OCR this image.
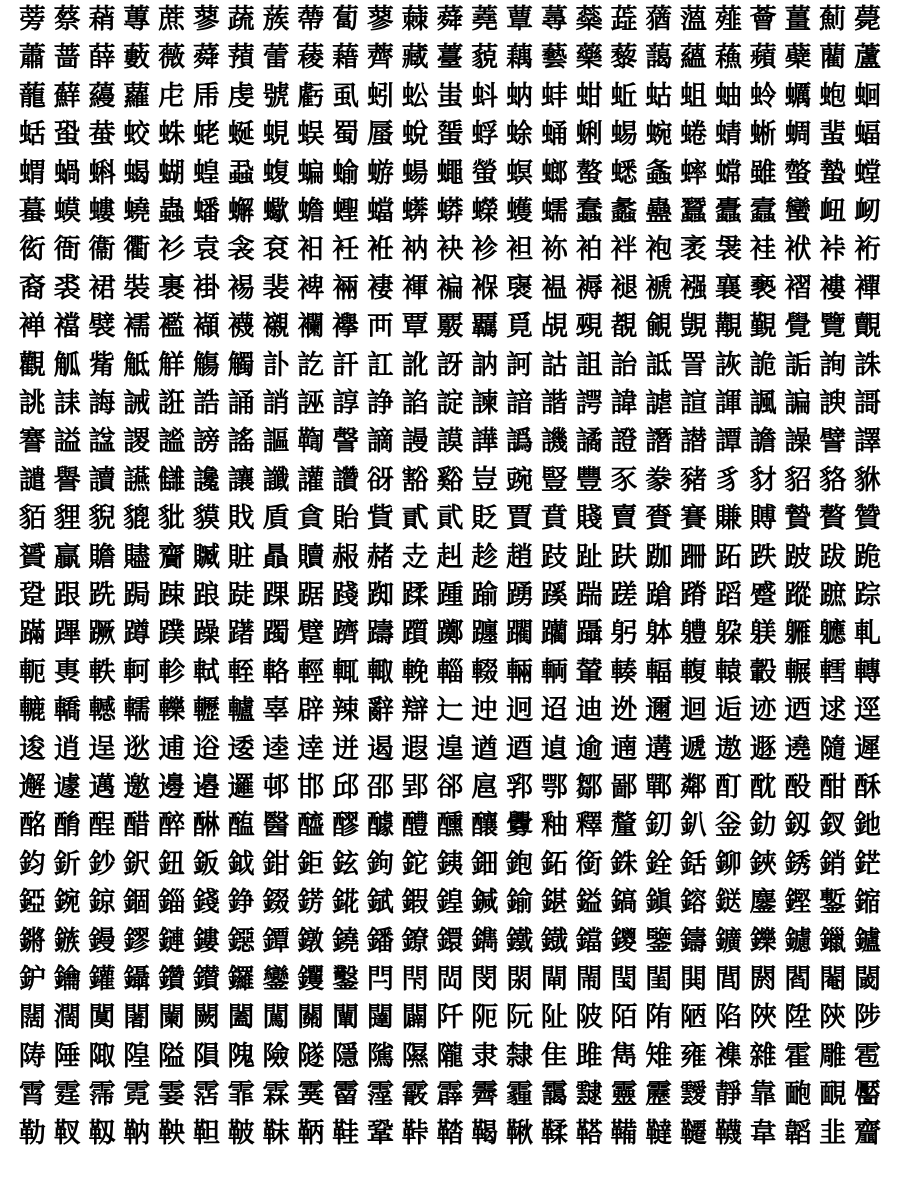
蒡 蔡 蕱 蓴 蔗 蓼 蔬 蔟 蔕 蔔 蓼 蕀 蕣 蕘 蕈 蕁 蘂 蕋 蕕 薀 薤 薈 薑 薊 薨
蕭 蔷 薛 藪 薇 蕣 蕷 蕾 薐 藉 薺 藏 薹 藐 藕 藝 藥 藜 藹 蘊 蘓 蘋 蘗 藺 蘆
蘢 蘚 蘰 蘿 虍 乕 虔 號 虧 虱 蚓 蚣 蚩 蚪 蚋 蚌 蚶 蚯 蛄 蛆 蚰 蛉 蠣 蚫 蛔
蛞 蛩 蛬 蛟 蛛 蛯 蜒 蜆 蜈 蜀 蜃 蛻 蜑 蜉 蜍 蛹 蜊 蜴 蜿 蜷 蜻 蜥 蜩 蜚 蝠
蝟 蝸 蝌 蝎 蝴 蝗 蝨 蝮 蝙 蝓 蝣 蝪 蠅 螢 螟 螂 螯 蟋 螽 蟀 蟐 雖 螫 蟄 螳
蟇 蟆 螻 蟯 蟲 蟠 蠏 蠍 蟾 蟶 蟷 蠎 蟒 蠑 蠖 蠕 蠢 蠡 蠱 蠶 蠹 蠧 蠻 衄 衂
衒 衙 衞 衢 衫 袁 衾 袞 衵 衽 袵 衲 袂 袗 袒 袮 袙 袢 袍 袤 袰 袿 袱 裃 裄
裔 裘 裙 裝 裹 褂 裼 裴 裨 裲 褄 褌 褊 褓 襃 褞 褥 褪 褫 襁 襄 褻 褶 褸 襌
褝 襠 襞 襦 襤 襭 襪 襯 襴 襷 襾 覃 覈 覊 覓 覘 覡 覩 覦 覬 覯 覲 覺 覽 覿
觀 觚 觜 觝 觧 觴 觸 訃 訖 訐 訌 訛 訝 訥 訶 詁 詛 詒 詆 詈 詼 詭 詬 詢 誅
誂 誄 誨 誡 誑 誥 誦 誚 誣 諄 諍 諂 諚 諫 諳 諧 諤 諱 謔 諠 諢 諷 諞 諛 謌
謇 謚 諡 謖 謐 謗 謠 謳 鞫 謦 謫 謾 謨 譁 譌 譏 譎 證 譖 譛 譚 譫 譟 譬 譯
譴 譽 讀 讌 讎 讒 讓 讖 讙 讚 谺 豁 谿 豈 豌 豎 豐 豕 豢 豬 豸 豺 貂 貉 貅
貊 貍 貎 貔 豼 貘 戝 貭 貪 貽 貲 貳 貮 貶 賈 賁 賤 賣 賚 賽 賺 賻 贄 贅 贊
贇 贏 贍 贐 齎 贓 賍 贔 贖 赧 赭 赱 赳 趁 趙 跂 趾 趺 跏 跚 跖 跌 跛 跋 跪
跫 跟 跣 跼 踈 踉 跿 踝 踞 踐 踟 蹂 踵 踰 踴 蹊 踹 蹉 蹌 蹐 蹈 蹙 蹤 蹠 踪
蹣 蹕 蹶 蹲 蹼 躁 躇 躅 躄 躋 躊 躓 躑 躔 躙 躪 躡 躬 躰 軆 躱 躾 軅 軈 軋
軛 軣 軼 軻 軫 軾 輊 輅 輕 輒 輙 輓 輜 輟 輛 輌 輦 輳 輻 輹 轅 轂 輾 轌 轉
轆 轎 轗 轜 轢 轣 轤 辜 辟 辣 辭 辯 辷 迚 迥 迢 迪 迯 邇 迴 逅 迹 迺 逑 逕
逡 逍 逞 逖 逋 逧 逶 逵 逹 迸 遏 遐 遑 遒 逎 遉 逾 遖 遘 遞 遨 遯 遶 隨 遲
邂 遽 邁 邀 邊 邉 邏 邨 邯 邱 邵 郢 郤 扈 郛 鄂 鄒 鄙 鄲 鄰 酊 酖 酘 酣 酥
酩 酳 酲 醋 醉 醂 醢 醫 醯 醪 醵 醴 醺 釀 釁 釉 釋 釐 釖 釟 釡 釛 釼 釵 釶
鈞 釿 鈔 鈬 鈕 鈑 鉞 鉗 鉅 鉉 鉤 鉈 銕 鈿 鉋 鉐 銜 銖 銓 銛 鉚 鋏 銹 銷 鋩
錏 鋺 鍄 錮 錙 錢 錚 錣 錺 錵 錻 鍜 鍠 鍼 鍮 鍖 鎰 鎬 鎭 鎔 鎹 鏖 鏗 鏨 鏥
鏘 鏃 鏝 鏐 鏈 鏤 鐚 鐔 鐓 鐃 鐇 鐐 鐶 鐫 鐵 鐡 鐺 鑁 鑒 鑄 鑛 鑠 鑢 鑞 鑪
鈩 鑰 鑵 鑷 鑽 鑚 鑼 鑾 钁 鑿 閂 閇 閊 閔 閖 閘 閙 閠 閨 閧 閭 閼 閻 閹 閾
闊 濶 闃 闍 闌 闕 闔 闖 關 闡 闥 闢 阡 阨 阮 阯 陂 陌 陏 陋 陷 陜 陞 陝 陟
陦 陲 陬 隍 隘 隕 隗 險 隧 隱 隲 隰 隴 隶 隸 隹 雎 雋 雉 雍 襍 雜 霍 雕 雹
霄 霆 霈 霓 霎 霑 霏 霖 霙 霤 霪 霰 霹 霽 霾 靄 靆 靈 靂 靉 靜 靠 靤 靦 靨
勒 靫 靱 靹 鞅 靼 鞁 靺 鞆 鞋 鞏 鞐 鞜 鞨 鞦 鞣 鞳 鞴 韃 韆 韈 韋 韜 韭 齏
